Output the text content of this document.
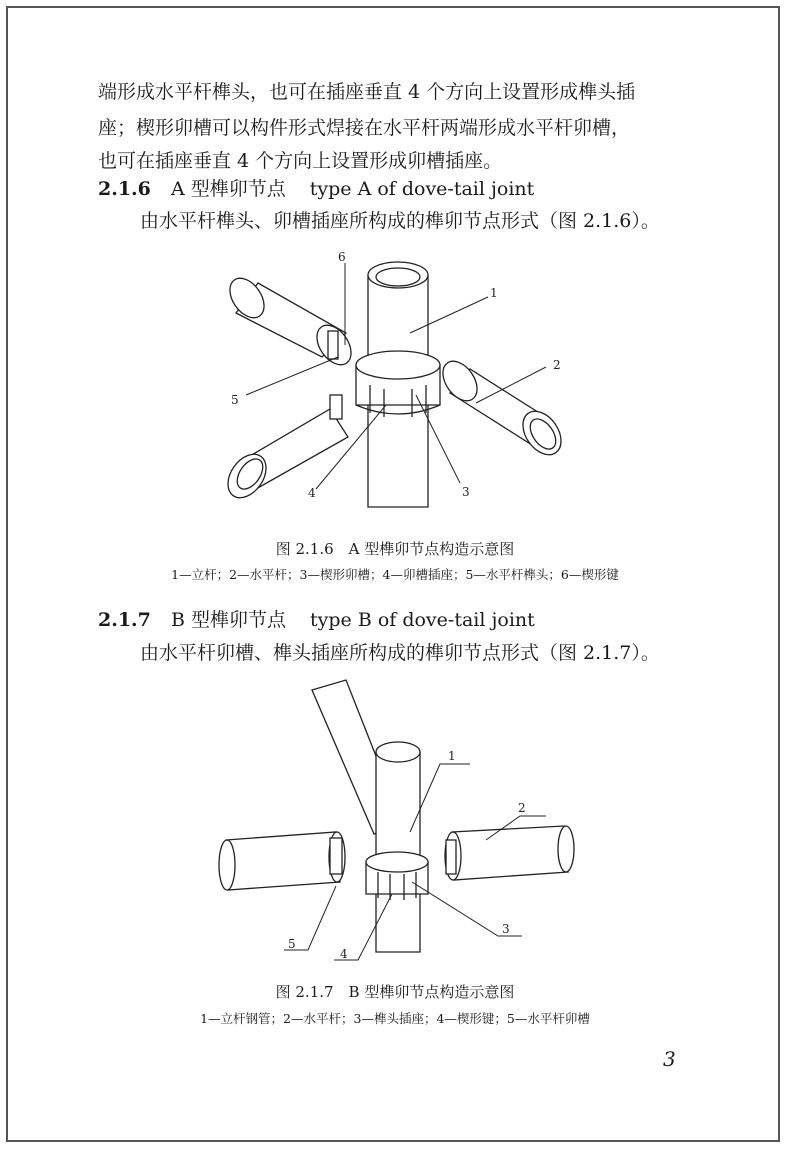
端形成水平杆榫头，也可在插座垂直 4 个方向上设置形成榫头插
座；楔形卯槽可以构件形式焊接在水平杆两端形成水平杆卯槽，
也可在插座垂直 4 个方向上设置形成卯槽插座。
2.1.6 A 型榫卯节点 type A of dove-tail joint
由水平杆榫头、卯槽插座所构成的榫卯节点形式（图 2.1.6）。
6
1
2
3
4
5
图 2.1.6　A 型榫卯节点构造示意图
1—立杆；2—水平杆；3—楔形卯槽；4—卯槽插座；5—水平杆榫头；6—楔形键
2.1.7 B 型榫卯节点 type B of dove-tail joint
由水平杆卯槽、榫头插座所构成的榫卯节点形式（图 2.1.7）。
1
2
3
4
5
图 2.1.7　B 型榫卯节点构造示意图
1—立杆钢管；2—水平杆；3—榫头插座；4—楔形键；5—水平杆卯槽
3
